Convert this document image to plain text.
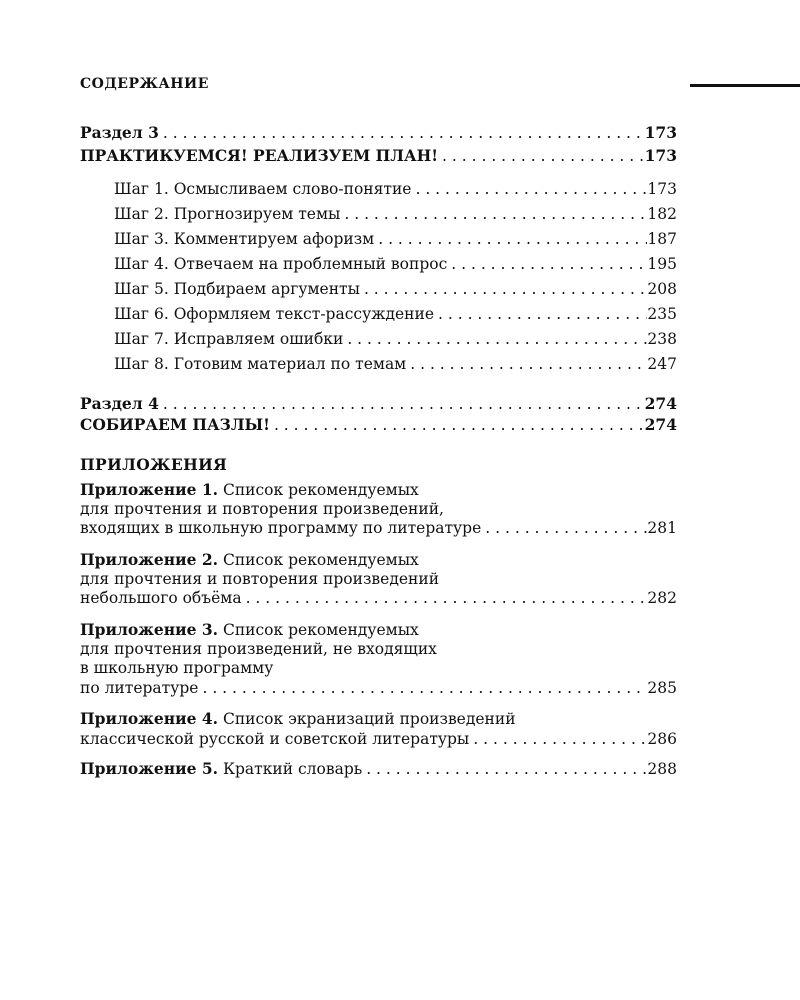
СОДЕРЖАНИЕ
Раздел 3 . . .	173
ПРАКТИКУЕМСЯ! РЕАЛИЗУЕМ ПЛАН! . . .	173
Шаг 1. Осмысливаем слово-понятие . . .	173
Шаг 2. Прогнозируем темы . . .	182
Шаг 3. Комментируем афоризм . . .	187
Шаг 4. Отвечаем на проблемный вопрос . . .	195
Шаг 5. Подбираем аргументы . . .	208
Шаг 6. Оформляем текст-рассуждение . . .	235
Шаг 7. Исправляем ошибки . . .	238
Шаг 8. Готовим материал по темам . . .	247
Раздел 4 . . .	274
СОБИРАЕМ ПАЗЛЫ! . . .	274
ПРИЛОЖЕНИЯ
Приложение 1. Список рекомендуемых
для прочтения и повторения произведений,
входящих в школьную программу по литературе . . .	281
Приложение 2. Список рекомендуемых
для прочтения и повторения произведений
небольшого объёма . . .	282
Приложение 3. Список рекомендуемых
для прочтения произведений, не входящих
в школьную программу
по литературе . . .	285
Приложение 4. Список экранизаций произведений
классической русской и советской литературы . . .	286
Приложение 5. Краткий словарь . . .	288
